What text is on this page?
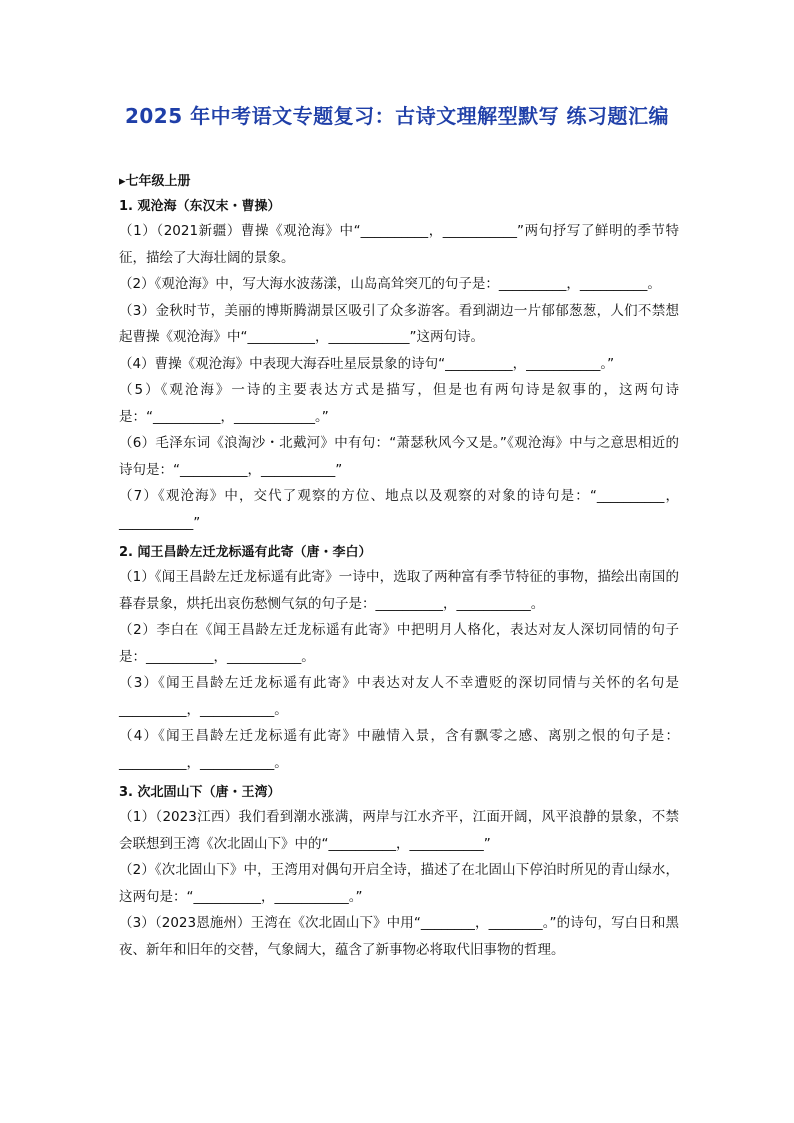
2025 年中考语文专题复习：古诗文理解型默写 练习题汇编
▸七年级上册
1. 观沧海（东汉末・曹操）
（1）（2021新疆）曹操《观沧海》中“__________，___________”两句抒写了鲜明的季节特征，描绘了大海壮阔的景象。
（2）《观沧海》中，写大海水波荡漾，山岛高耸突兀的句子是：__________，__________。
（3）金秋时节，美丽的博斯腾湖景区吸引了众多游客。看到湖边一片郁郁葱葱，人们不禁想起曹操《观沧海》中“__________，____________”这两句诗。
（4）曹操《观沧海》中表现大海吞吐星辰景象的诗句“__________，___________。”
（5）《观沧海》一诗的主要表达方式是描写，但是也有两句诗是叙事的，这两句诗是：“__________，____________。”
（6）毛泽东词《浪淘沙・北戴河》中有句：“萧瑟秋风今又是。”《观沧海》中与之意思相近的诗句是：“__________，___________”
（7）《观沧海》中，交代了观察的方位、地点以及观察的对象的诗句是：“__________，___________”
2. 闻王昌龄左迁龙标遥有此寄（唐・李白）
（1）《闻王昌龄左迁龙标遥有此寄》一诗中，选取了两种富有季节特征的事物，描绘出南国的暮春景象，烘托出哀伤愁恻气氛的句子是：__________，___________。
（2）李白在《闻王昌龄左迁龙标遥有此寄》中把明月人格化，表达对友人深切同情的句子是：__________，___________。
（3）《闻王昌龄左迁龙标遥有此寄》中表达对友人不幸遭贬的深切同情与关怀的名句是__________，___________。
（4）《闻王昌龄左迁龙标遥有此寄》中融情入景，含有飘零之感、离别之恨的句子是：__________，___________。
3. 次北固山下（唐・王湾）
（1）（2023江西）我们看到潮水涨满，两岸与江水齐平，江面开阔，风平浪静的景象，不禁会联想到王湾《次北固山下》中的“__________，___________”
（2）《次北固山下》中，王湾用对偶句开启全诗，描述了在北固山下停泊时所见的青山绿水，这两句是：“__________，___________。”
（3）（2023恩施州）王湾在《次北固山下》中用“________，________。”的诗句，写白日和黑夜、新年和旧年的交替，气象阔大，蕴含了新事物必将取代旧事物的哲理。
